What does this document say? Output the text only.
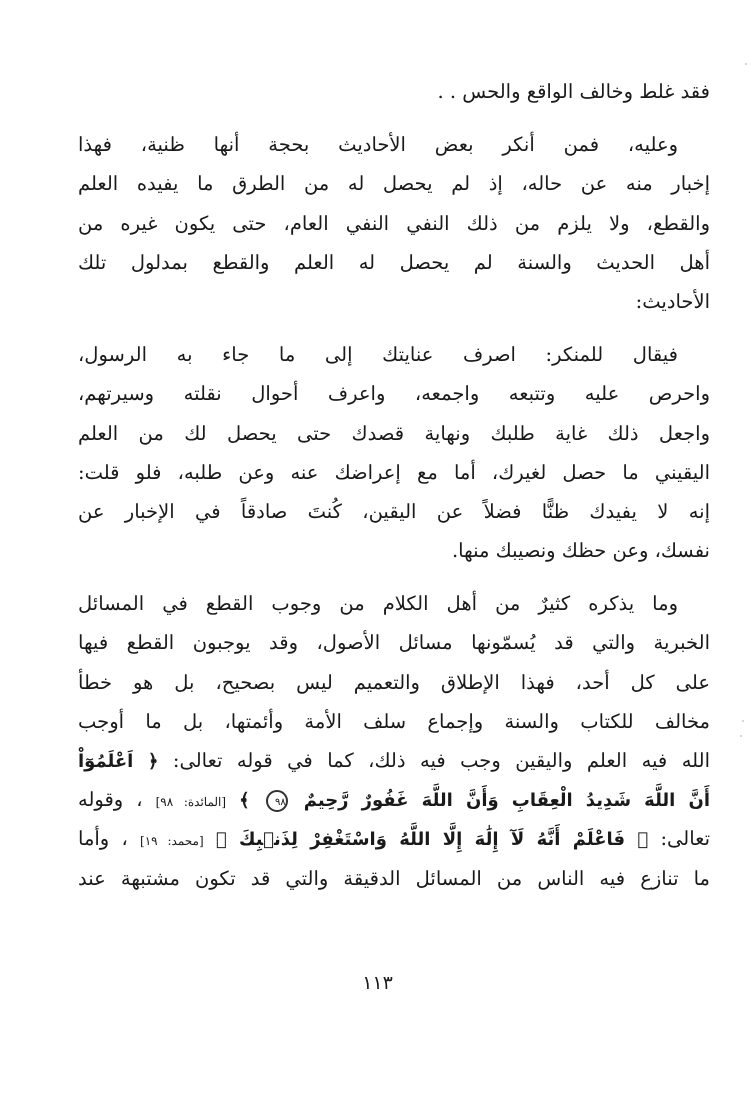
فقد غلط وخالف الواقع والحس . .
وعليه، فمن أنكر بعض الأحاديث بحجة أنها ظنية، فهذا
إخبار منه عن حاله، إذ لم يحصل له من الطرق ما يفيده العلم
والقطع، ولا يلزم من ذلك النفي النفي العام، حتى يكون غيره من
أهل الحديث والسنة لم يحصل له العلم والقطع بمدلول تلك
الأحاديث:
فيقال للمنكر: اصرف عنايتك إلى ما جاء به الرسول،
واحرص عليه وتتبعه واجمعه، واعرف أحوال نقلته وسيرتهم،
واجعل ذلك غاية طلبك ونهاية قصدك حتى يحصل لك من العلم
اليقيني ما حصل لغيرك، أما مع إعراضك عنه وعن طلبه، فلو قلت:
إنه لا يفيدك ظنًّا فضلاً عن اليقين، كُنتَ صادقاً في الإخبار عن
نفسك، وعن حظك ونصيبك منها.
وما يذكره كثيرٌ من أهل الكلام من وجوب القطع في المسائل
الخبرية والتي قد يُسمّونها مسائل الأصول، وقد يوجبون القطع فيها
على كل أحد، فهذا الإطلاق والتعميم ليس بصحيح، بل هو خطأ
مخالف للكتاب والسنة وإجماع سلف الأمة وأئمتها، بل ما أوجب
الله فيه العلم واليقين وجب فيه ذلك، كما في قوله تعالى: ﴿ اَعْلَمُوٓاْ
أَنَّ اللَّهَ شَدِيدُ الْعِقَابِ وَأَنَّ اللَّهَ غَفُورٌ رَّحِيمٌ ٩٨ ﴾ [المائدة: ٩٨] ، وقوله
تعالى: ﴿ فَاعْلَمْ أَنَّهُ لَآ إِلَٰهَ إِلَّا اللَّهُ وَاسْتَغْفِرْ لِذَنۢبِكَ ﴾ [محمد: ١٩] ، وأما
ما تنازع فيه الناس من المسائل الدقيقة والتي قد تكون مشتبهة عند
١١٣
